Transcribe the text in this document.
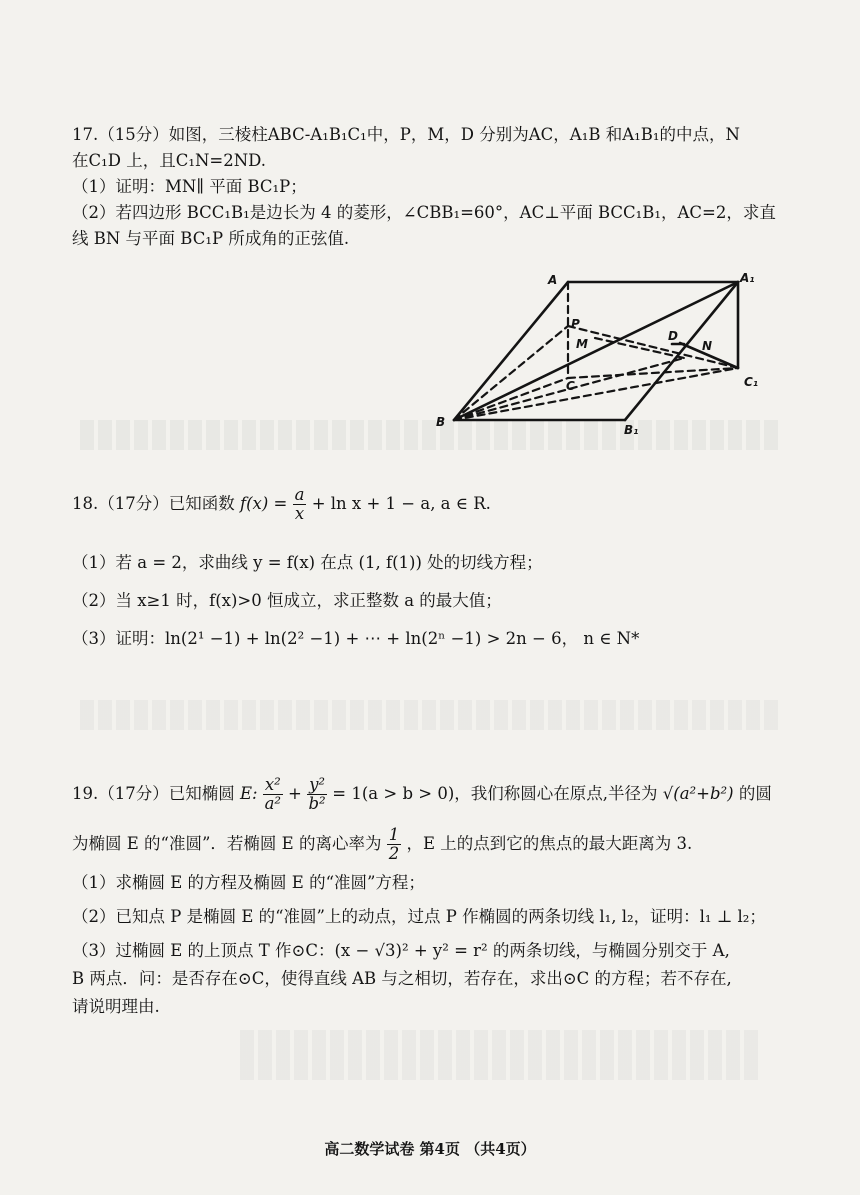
17.（15分）如图，三棱柱ABC-A₁B₁C₁中，P，M，D 分别为AC，A₁B 和A₁B₁的中点，N
在C₁D 上，且C₁N=2ND.
（1）证明：MN∥ 平面 BC₁P；
（2）若四边形 BCC₁B₁是边长为 4 的菱形，∠CBB₁=60°，AC⊥平面 BCC₁B₁，AC=2，求直
线 BN 与平面 BC₁P 所成角的正弦值.
A	A₁
P
M
D
N
C	C₁
B
B₁
18.（17分）已知函数 $f(x) = \frac{a}{x} + \ln x + 1 - a$, a ∈ R.
（1）若 a = 2，求曲线 y = f(x) 在点 (1, f(1)) 处的切线方程；
（2）当 x≥1 时，f(x)>0 恒成立，求正整数 a 的最大值；
（3）证明：ln(2¹ −1) + ln(2² −1) + ⋯ + ln(2ⁿ −1) > 2n − 6， n ∈ N*
19.（17分）已知椭圆 E: $\frac{\text{x²}}{\text{a²}} + \frac{\text{y²}}{\text{b²}} = 1(a > b > 0)$，我们称圆心在原点,半径为 √(a²+b²) 的圆
为椭圆 E 的“准圆”．若椭圆 E 的离心率为 $\frac{1}{2}$ ，E 上的点到它的焦点的最大距离为 3.
（1）求椭圆 E 的方程及椭圆 E 的“准圆”方程；
（2）已知点 P 是椭圆 E 的“准圆”上的动点，过点 P 作椭圆的两条切线 l₁, l₂，证明：l₁ ⊥ l₂；
（3）过椭圆 E 的上顶点 T 作⊙C：(x − √3)² + y² = r² 的两条切线，与椭圆分别交于 A,
B 两点．问：是否存在⊙C，使得直线 AB 与之相切，若存在，求出⊙C 的方程；若不存在,
请说明理由.
高二数学试卷 第4页 （共4页）
